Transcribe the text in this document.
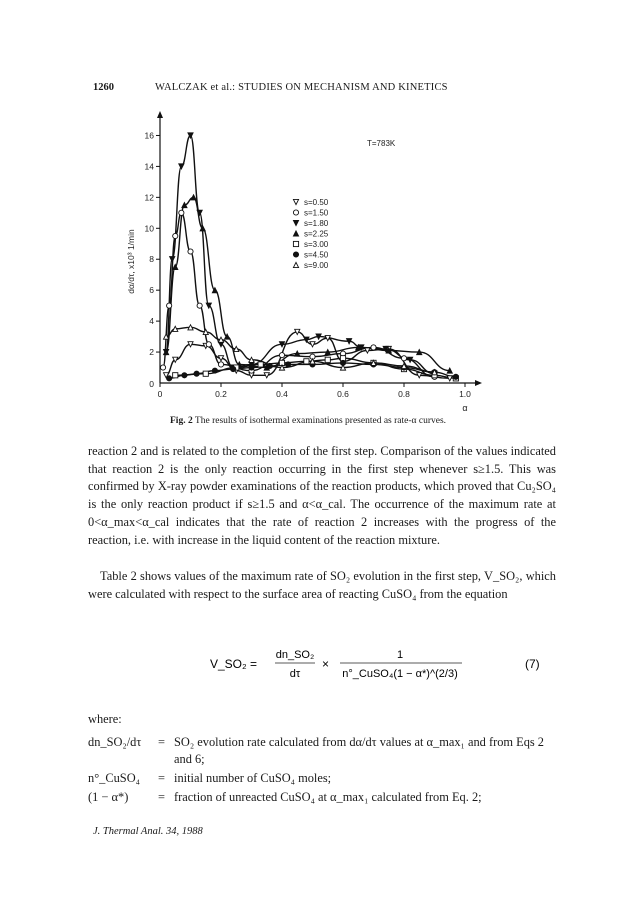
1260	WALCZAK et al.: STUDIES ON MECHANISM AND KINETICS
0	0.2	0.4	0.6	0.8	1.0
2
4
6
8
10
12
14
16
0
s=0.50
s=1.50
s=1.80
s=2.25
s=3.00
s=4.50
s=9.00
T=783K
dα/dτ, x10³ 1/min
α
Fig. 2 The results of isothermal examinations presented as rate-α curves.

reaction 2 and is related to the completion of the first step. Comparison of the values indicated that reaction 2 is the only reaction occurring in the first step whenever s≥1.5. This was confirmed by X-ray powder examinations of the reaction products, which proved that Cu₂SO₄ is the only reaction product if s≥1.5 and α<α_cal. The occurrence of the maximum rate at 0<α_max<α_cal indicates that the rate of reaction 2 increases with the progress of the reaction, i.e. with increase in the liquid content of the reaction mixture.

Table 2 shows values of the maximum rate of SO₂ evolution in the first step, V_SO₂, which were calculated with respect to the surface area of reacting CuSO₄ from the equation

V_SO₂ =
dn_SO₂
dτ
×
1
n°_CuSO₄(1 − α*)^(2/3)
(7)
where:
dn_SO₂/dτ	= SO₂ evolution rate calculated from dα/dτ values at α_max₁ and from Eqs 2 and 6;
n°_CuSO₄	= initial number of CuSO₄ moles;
(1 − α*)	= fraction of unreacted CuSO₄ at α_max₁ calculated from Eq. 2;
J. Thermal Anal. 34, 1988
